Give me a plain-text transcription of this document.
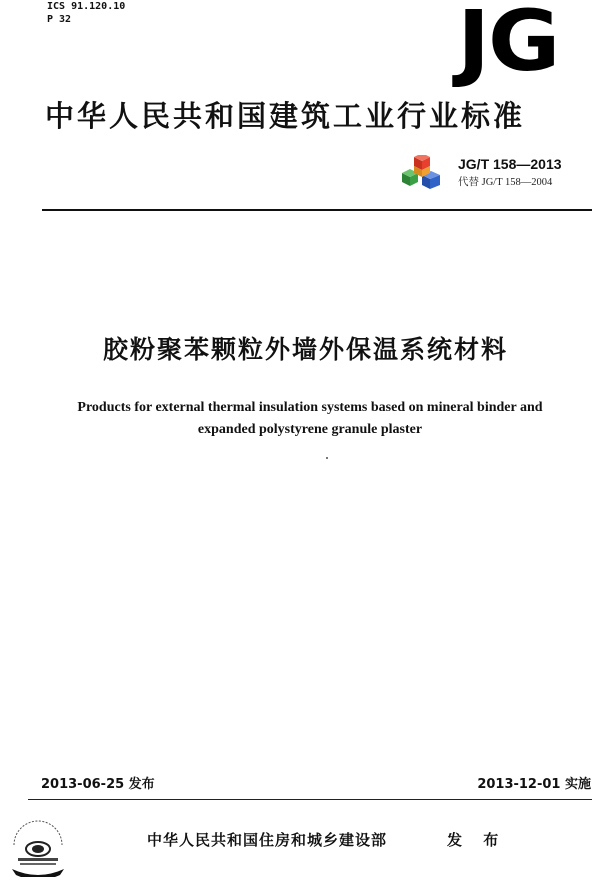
ICS 91.120.10
P 32	JG
中华人民共和国建筑工业行业标准
JG/T 158—2013
代替 JG/T 158—2004
胶粉聚苯颗粒外墙外保温系统材料
Products for external thermal insulation systems based on mineral binder and
expanded polystyrene granule plaster
2013-06-25 发布	2013-12-01 实施
中华人民共和国住房和城乡建设部	发 布
